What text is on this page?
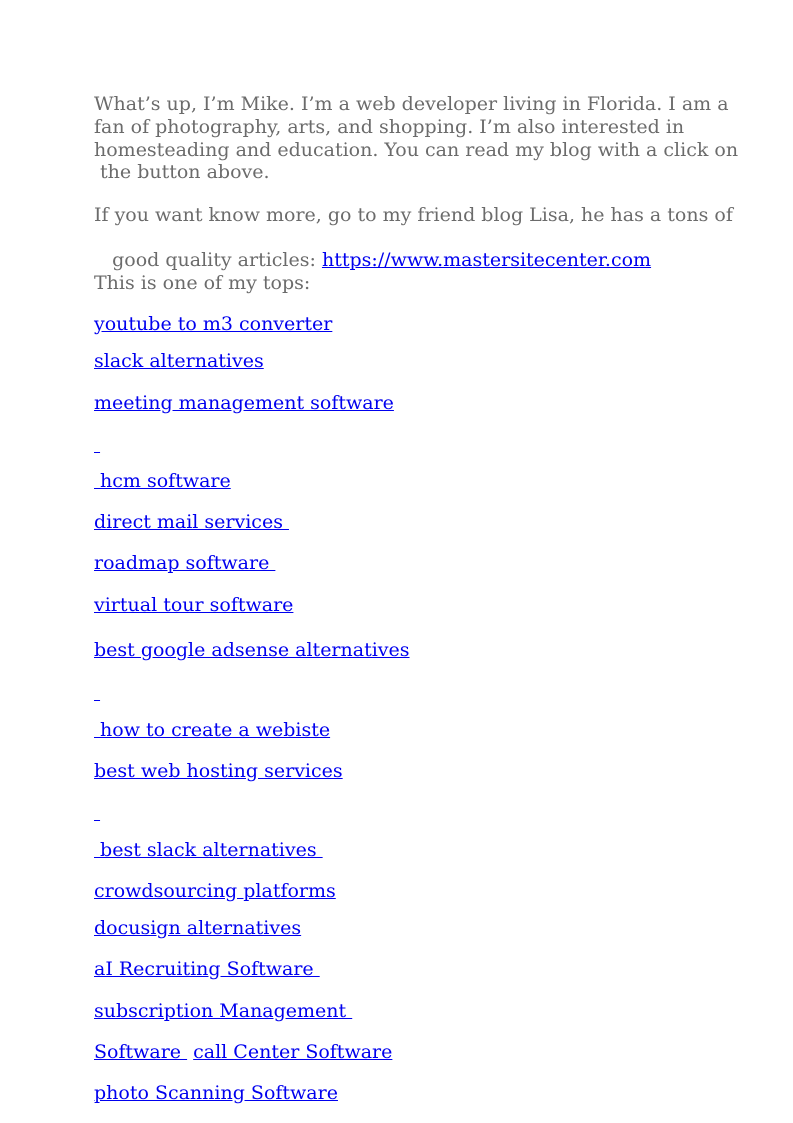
What’s up, I’m Mike. I’m a web developer living in Florida. I am a
fan of photography, arts, and shopping. I’m also interested in
homesteading and education. You can read my blog with a click on
the button above.
If you want know more, go to my friend blog Lisa, he has a tons of

good quality articles: https://www.mastersitecenter.com

This is one of my tops:
youtube to m3 converter
slack alternatives
meeting management software

hcm software
direct mail services
roadmap software
virtual tour software
best google adsense alternatives

how to create a webiste
best web hosting services

best slack alternatives
crowdsourcing platforms
docusign alternatives
aI Recruiting Software
subscription Management
Software  call Center Software
photo Scanning Software
